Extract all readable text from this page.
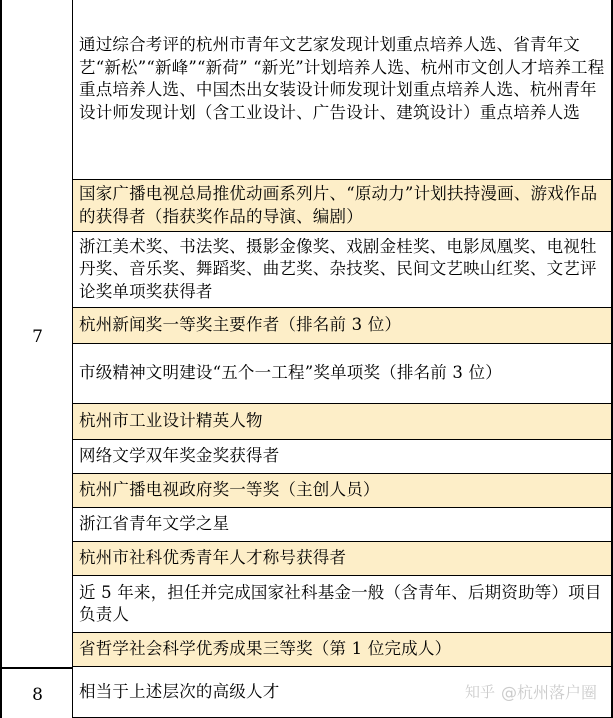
7
8
通过综合考评的杭州市青年文艺家发现计划重点培养人选、省青年文艺“新松”“新峰”“新荷” “新光”计划培养人选、杭州市文创人才培养工程重点培养人选、中国杰出女装设计师发现计划重点培养人选、杭州青年设计师发现计划（含工业设计、广告设计、建筑设计）重点培养人选
国家广播电视总局推优动画系列片、“原动力”计划扶持漫画、游戏作品的获得者（指获奖作品的导演、编剧）
浙江美术奖、书法奖、摄影金像奖、戏剧金桂奖、电影凤凰奖、电视牡丹奖、音乐奖、舞蹈奖、曲艺奖、杂技奖、民间文艺映山红奖、文艺评论奖单项奖获得者
杭州新闻奖一等奖主要作者（排名前 3 位）
市级精神文明建设“五个一工程”奖单项奖（排名前 3 位）
杭州市工业设计精英人物
网络文学双年奖金奖获得者
杭州广播电视政府奖一等奖（主创人员）
浙江省青年文学之星
杭州市社科优秀青年人才称号获得者
近 5 年来，担任并完成国家社科基金一般（含青年、后期资助等）项目负责人
省哲学社会科学优秀成果三等奖（第 1 位完成人）
相当于上述层次的高级人才	知乎 @杭州落户圈
